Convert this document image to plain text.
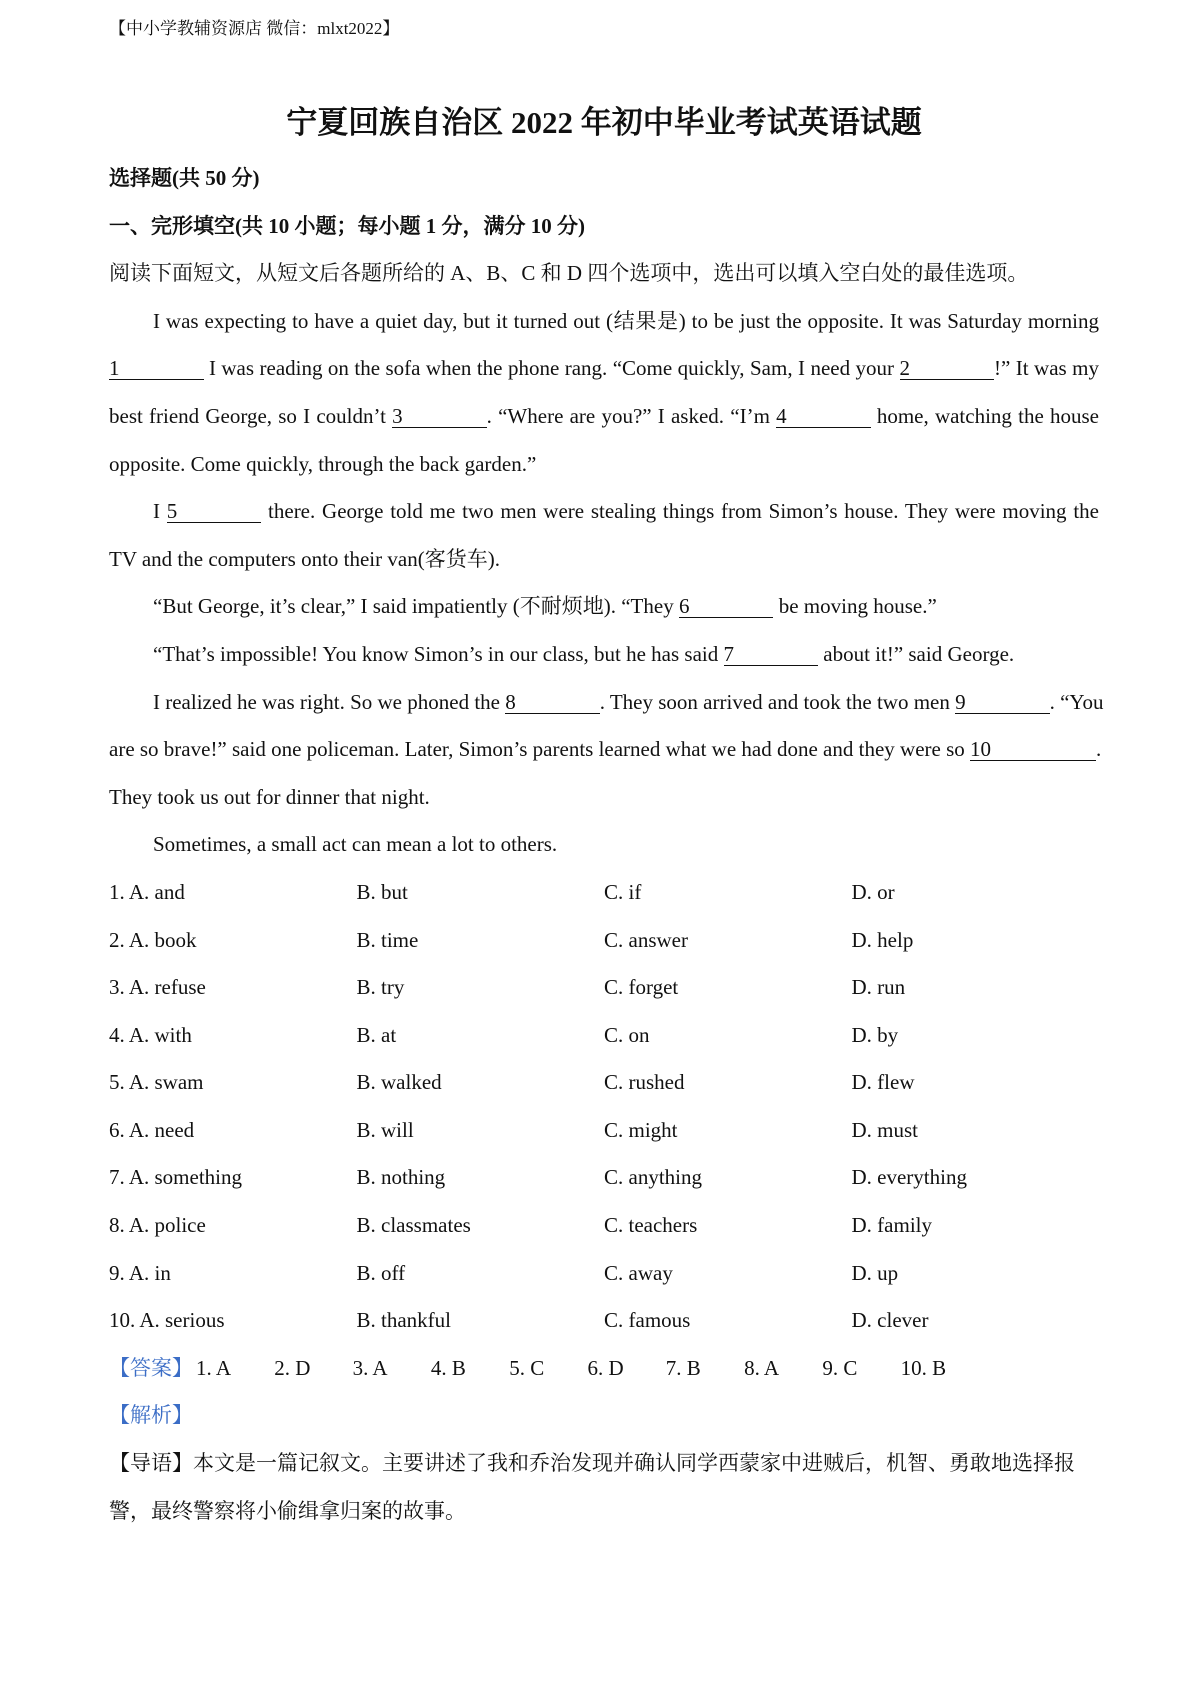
【中小学教辅资源店 微信：mlxt2022】
宁夏回族自治区 2022 年初中毕业考试英语试题
选择题(共 50 分)
一、完形填空(共 10 小题；每小题 1 分，满分 10 分)
阅读下面短文，从短文后各题所给的 A、B、C 和 D 四个选项中，选出可以填入空白处的最佳选项。
I was expecting to have a quiet day, but it turned out (结果是) to be just the opposite. It was Saturday morning
1	I was reading on the sofa when the phone rang. “Come quickly, Sam, I need your 2	!” It was my
best friend George, so I couldn’t 3	. “Where are you?” I asked. “I’m 4	home, watching the house
opposite. Come quickly, through the back garden.”
I 5	there. George told me two men were stealing things from Simon’s house. They were moving the
TV and the computers onto their van(客货车).
“But George, it’s clear,” I said impatiently (不耐烦地). “They 6	be moving house.”
“That’s impossible! You know Simon’s in our class, but he has said 7	about it!” said George.
I realized he was right. So we phoned the 8	. They soon arrived and took the two men 9	. “You
are so brave!” said one policeman. Later, Simon’s parents learned what we had done and they were so 10	.
They took us out for dinner that night.
Sometimes, a small act can mean a lot to others.
1. A. and	B. but	C. if	D. or
2. A. book	B. time	C. answer	D. help
3. A. refuse	B. try	C. forget	D. run
4. A. with	B. at	C. on	D. by
5. A. swam	B. walked	C. rushed	D. flew
6. A. need	B. will	C. might	D. must
7. A. something	B. nothing	C. anything	D. everything
8. A. police	B. classmates	C. teachers	D. family
9. A. in	B. off	C. away	D. up
10. A. serious	B. thankful	C. famous	D. clever
【答案】 1. A 2. D 3. A 4. B 5. C 6. D 7. B 8. A 9. C 10. B
【解析】
【导语】本文是一篇记叙文。主要讲述了我和乔治发现并确认同学西蒙家中进贼后，机智、勇敢地选择报
警，最终警察将小偷缉拿归案的故事。
